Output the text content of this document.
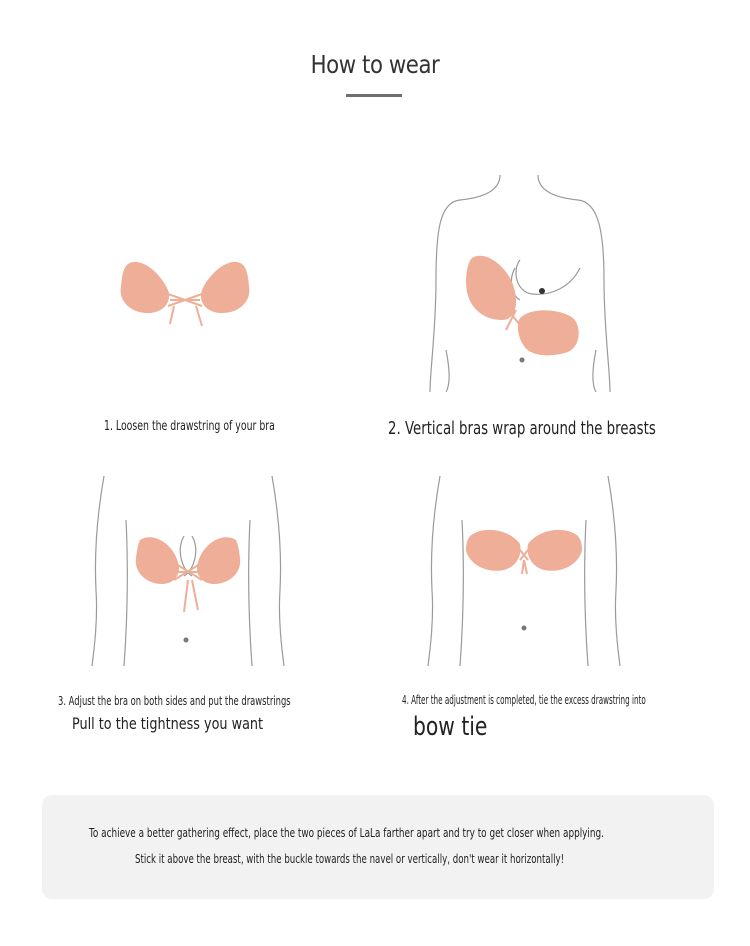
How to wear
1. Loosen the drawstring of your bra	2. Vertical bras wrap around the breasts
3. Adjust the bra on both sides and put the drawstrings
Pull to the tightness you want
4. After the adjustment is completed, tie the excess drawstring into
bow tie
To achieve a better gathering effect, place the two pieces of LaLa farther apart and try to get closer when applying.
Stick it above the breast, with the buckle towards the navel or vertically, don't wear it horizontally!
